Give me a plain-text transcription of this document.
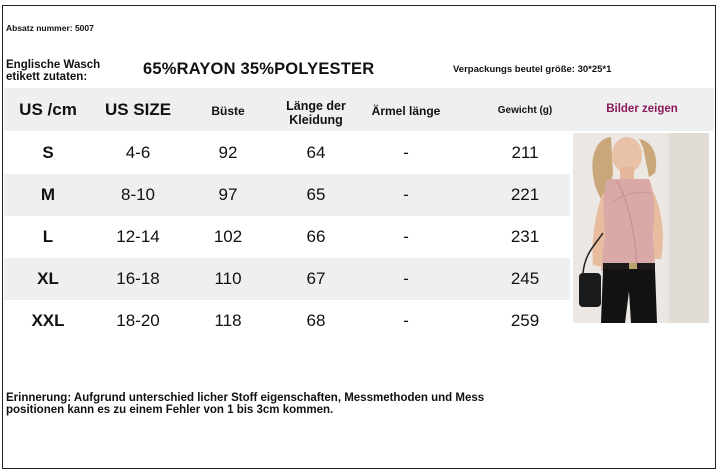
Absatz nummer: 5007
Englische Wasch
etikett zutaten:	65%RAYON 35%POLYESTER	Verpackungs beutel größe: 30*25*1
US /cm US SIZE	Büste	Länge der
Kleidung
Ärmel länge	Gewicht (g)	Bilder zeigen
S	4-6	92	64	-	211
M	8-10	97	65	-	221
L	12-14	102	66	-	231
XL	16-18	110	67	-	245
XXL	18-20	118	68	-	259
Erinnerung: Aufgrund unterschied licher Stoff eigenschaften, Messmethoden und Mess
positionen kann es zu einem Fehler von 1 bis 3cm kommen.
